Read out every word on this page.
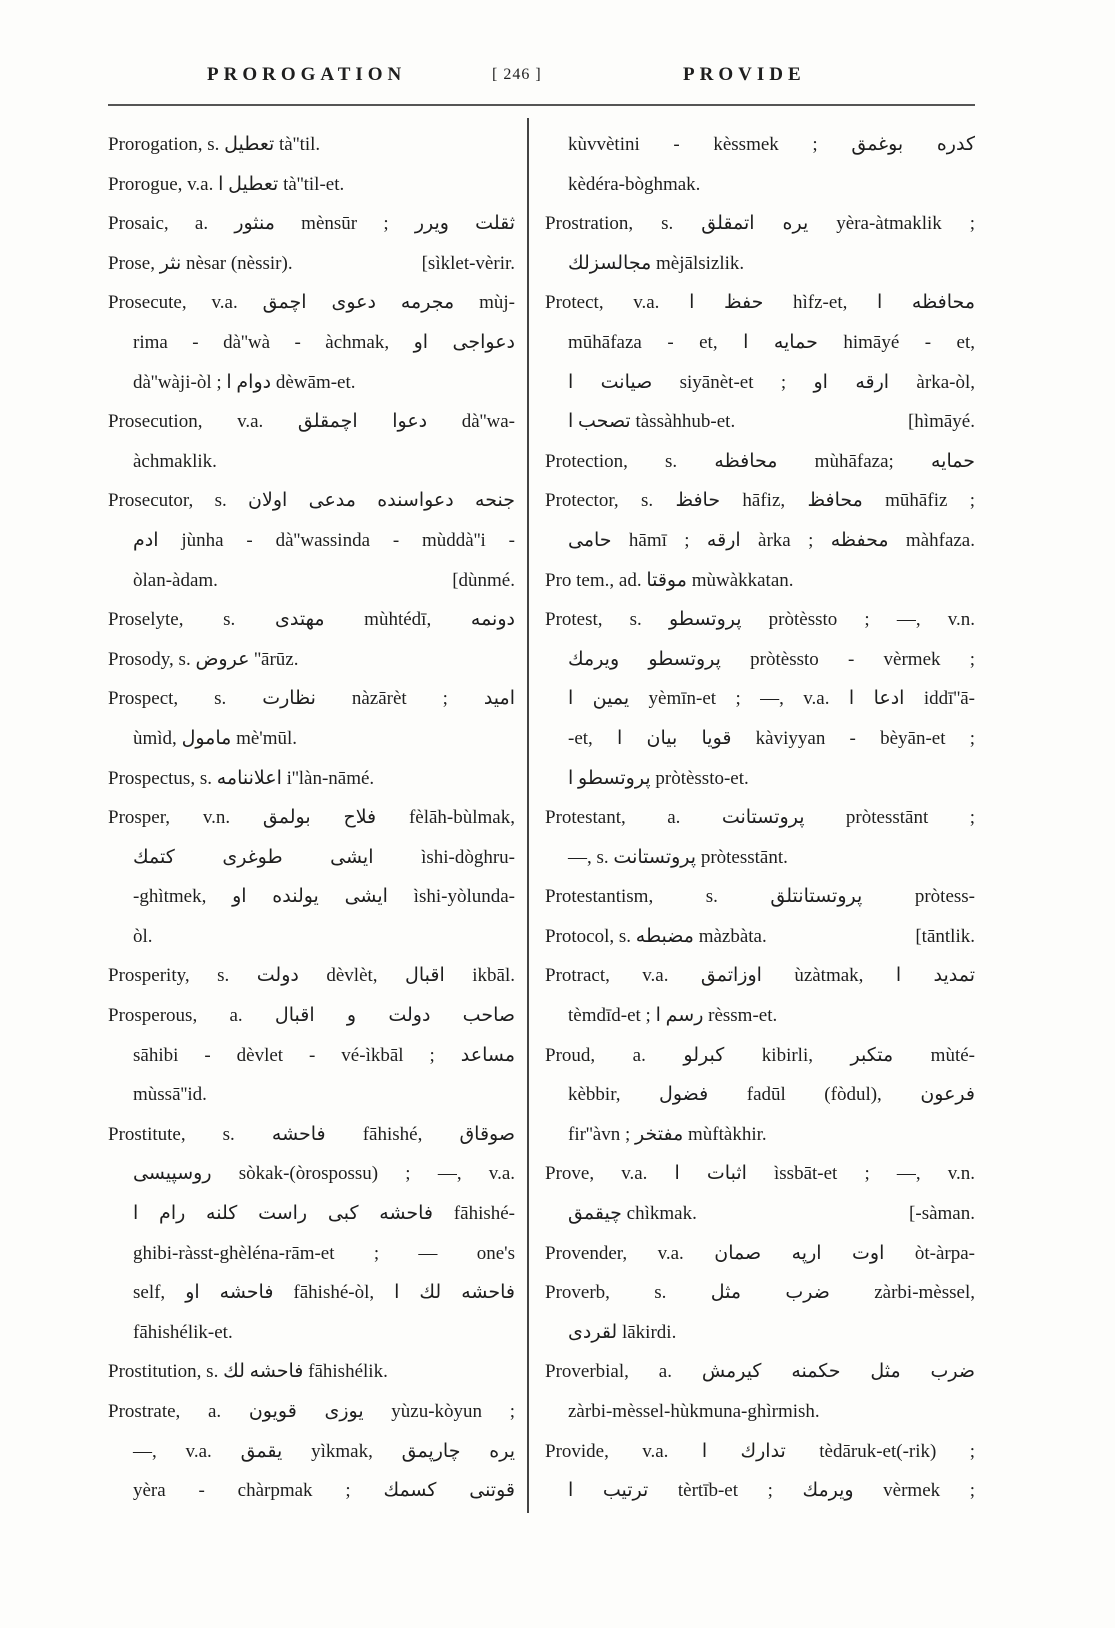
PROROGATION	[ 246 ]	PROVIDE
Prorogation, s. تعطيل tà''til.
Prorogue, v.a. تعطيل ا tà''til-et.
Prosaic, a. منثور mènsūr ; ثقلت ويرر
Prose, نثر nèsar (nèssir).	[sìklet-vèrir.
Prosecute, v.a. مجرمه دعوى اچمق mùj-
rima - dà''wà - àchmak, دعواجى او
dà''wàji-òl ; دوام ا dèwām-et.
Prosecution, v.a. دعوا اچمقلق dà''wa-
àchmaklik.
Prosecutor, s. جنحه دعواسنده مدعى اولان
ادم jùnha - dà''wassinda - mùddà''i -
òlan-àdam.	[dùnmé.
Proselyte, s. مهتدى mùhtédī, دونمه
Prosody, s. عروض ''ārūz.
Prospect, s. نظارت nàzārèt ; اميد
ùmìd, مامول mè'mūl.
Prospectus, s. اعلاننامه i''làn-nāmé.
Prosper, v.n. فلاح بولمق fèlāh-bùlmak,
ايشى طوغرى كتمك ìshi-dòghru-
-ghìtmek, ايشى يولنده او ìshi-yòlunda-
òl.
Prosperity, s. دولت dèvlèt, اقبال ikbāl.
Prosperous, a. صاحب دولت و اقبال
sāhibi - dèvlet - vé-ìkbāl ; مساعد
mùssā''id.
Prostitute, s. فاحشه fāhishé, صوقاق
روسپيسى sòkak-(òrospossu) ; —, v.a.
فاحشه كبى راست كلنه رام ا fāhishé-
ghibi-ràsst-ghèléna-rām-et ; — one's
self, فاحشه او fāhishé-òl, فاحشه لك ا
fāhishélik-et.
Prostitution, s. فاحشه لك fāhishélik.
Prostrate, a. يوزى قويون yùzu-kòyun ;
—, v.a. يقمق yìkmak, يره چارپمق
yèra - chàrpmak ; قوتنى كسمك
kùvvètini - kèssmek ; كدره بوغمق
kèdéra-bòghmak.
Prostration, s. يره اتمقلق yèra-àtmaklik ;
مجالسزلك mèjālsizlik.
Protect, v.a. حفظ ا hìfz-et, محافظه ا
mūhāfaza - et, حمايه ا himāyé - et,
صيانت ا siyānèt-et ; ارقه او àrka-òl,
تصحب ا tàssàhhub-et.	[hìmāyé.
Protection, s. محافظه mùhāfaza; حمايه
Protector, s. حافظ hāfiz, محافظ mūhāfiz ;
حامى hāmī ; ارقه àrka ; محفظه màhfaza.
Pro tem., ad. موقتا mùwàkkatan.
Protest, s. پروتسطو pròtèssto ; —, v.n.
پروتسطو ويرمك pròtèssto - vèrmek ;
يمين ا yèmīn-et ; —, v.a. ادعا ا iddī''ā-
-et, قويا بيان ا kàviyyan - bèyān-et ;
پروتسطو ا pròtèssto-et.
Protestant, a. پروتستانت pròtesstānt ;
—, s. پروتستانت pròtesstānt.
Protestantism, s. پروتستانتلق pròtess-
Protocol, s. مضبطه màzbàta.	[tāntlik.
Protract, v.a. اوزاتمق ùzàtmak, تمديد ا
tèmdīd-et ; رسم ا rèssm-et.
Proud, a. كبرلو kibirli, متكبر mùté-
kèbbir, فضول fadūl (fòdul), فرعون
fir''àvn ; مفتخر mùftàkhir.
Prove, v.a. اثبات ا ìssbāt-et ; —, v.n.
چيقمق chìkmak.	[-sàman.
Provender, v.a. اوت ارپه صمان òt-àrpa-
Proverb, s. ضرب مثل zàrbi-mèssel,
لقردى lākirdi.
Proverbial, a. ضرب مثل حكمنه كيرمش
zàrbi-mèssel-hùkmuna-ghìrmish.
Provide, v.a. تدارك ا tèdāruk-et(-rik) ;
ترتيب ا tèrtīb-et ; ويرمك vèrmek ;
